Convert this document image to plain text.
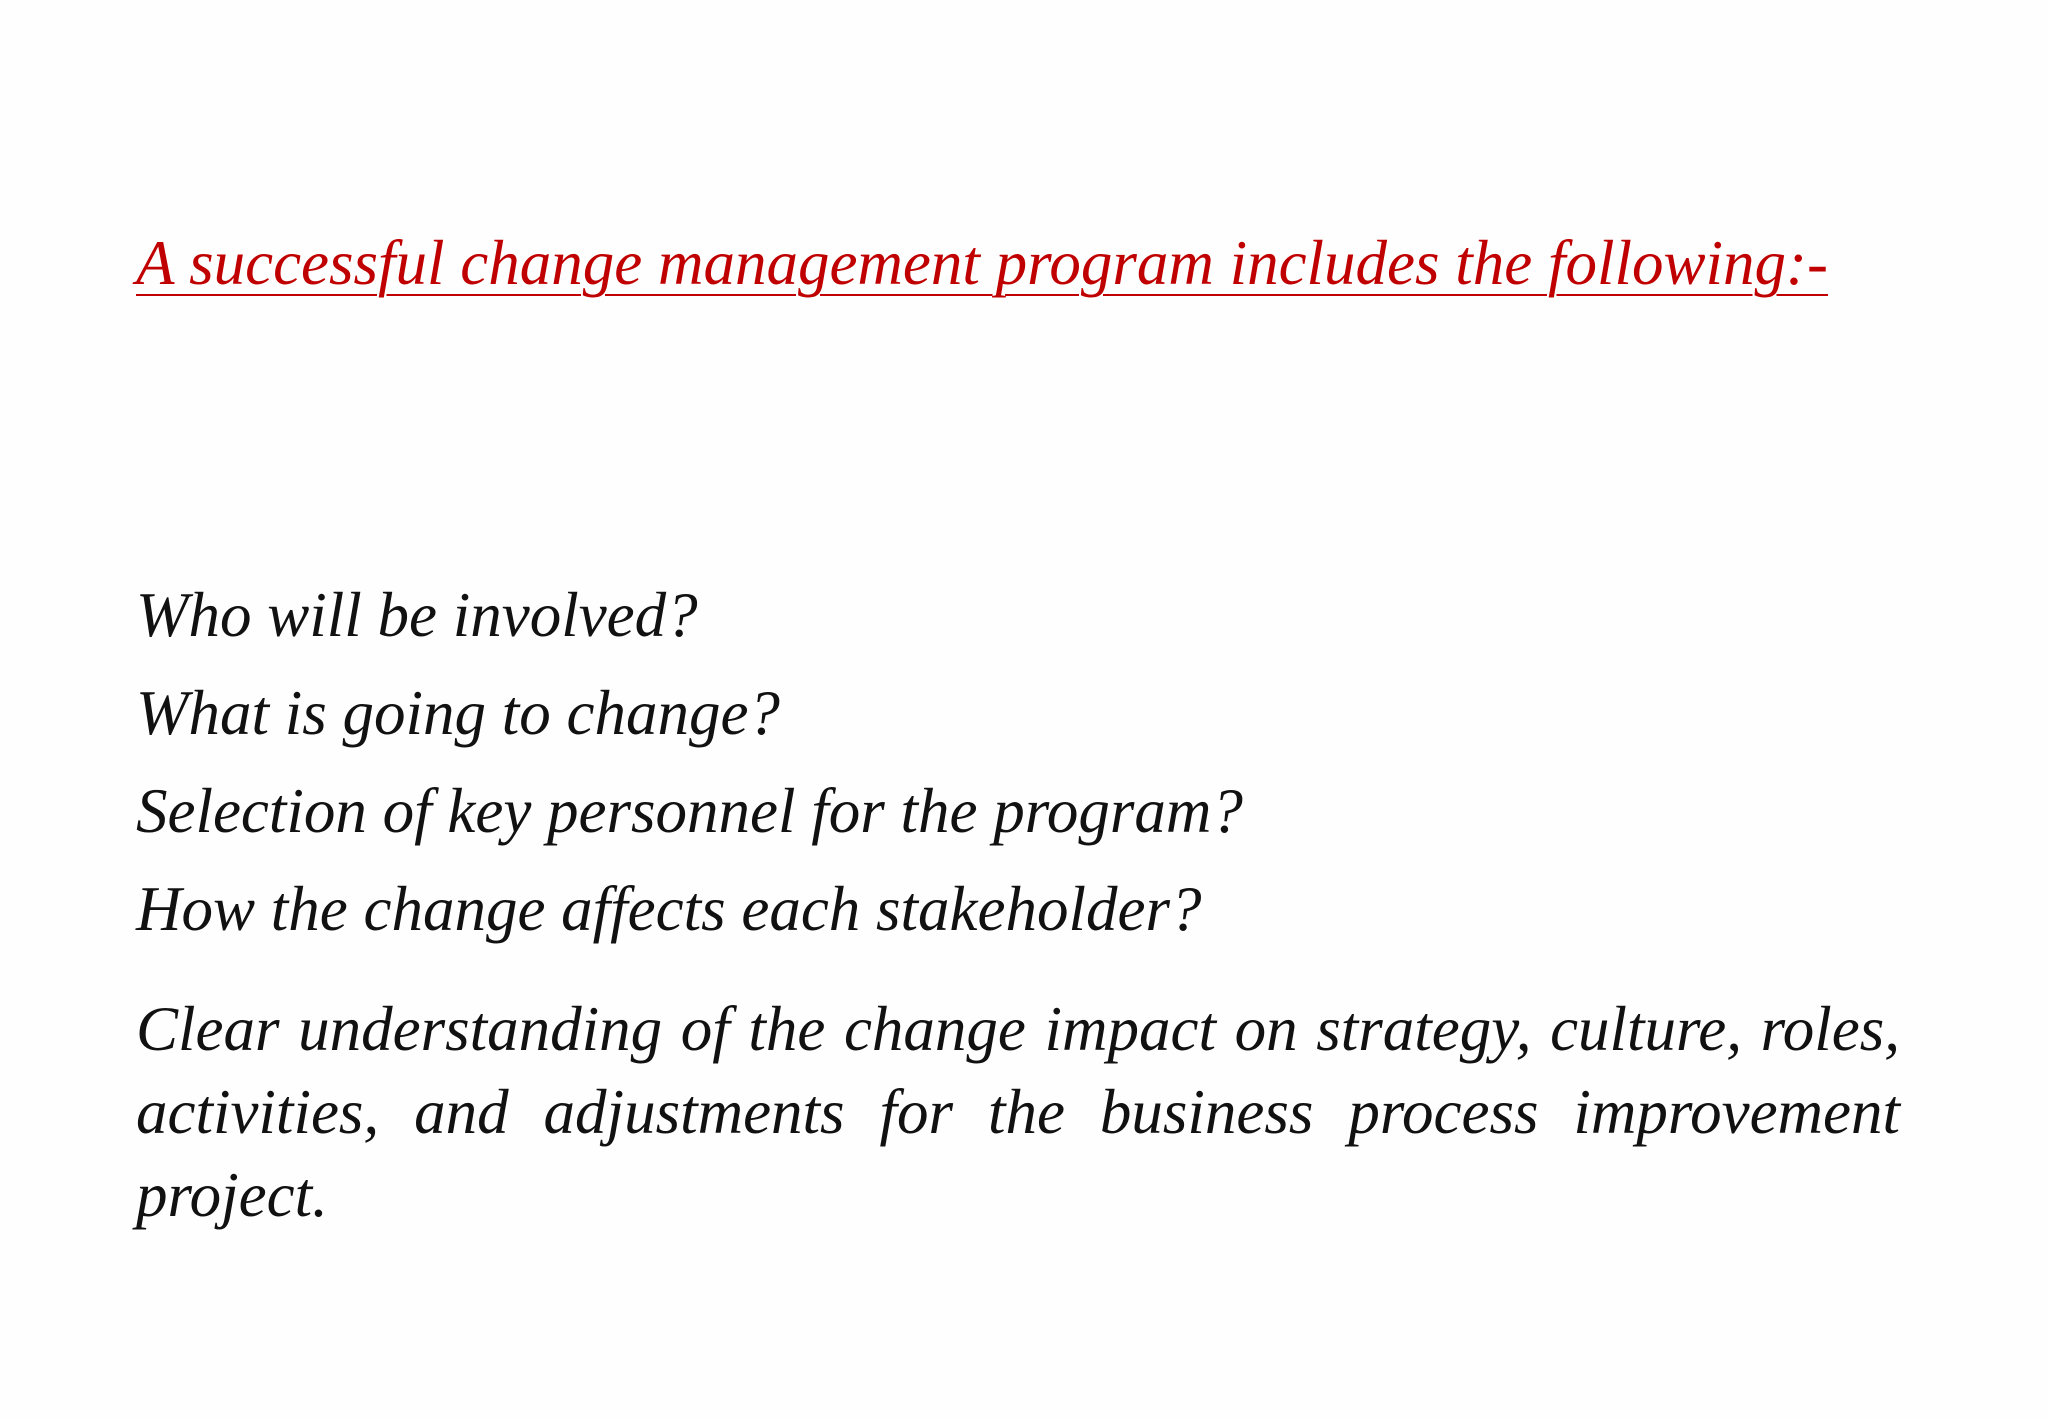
A successful change management program includes the following:-

Who will be involved?
What is going to change?
Selection of key personnel for the program?
How the change affects each stakeholder?

Clear understanding of the change impact on strategy, culture, roles, activities, and adjustments for the business process improvement project.
